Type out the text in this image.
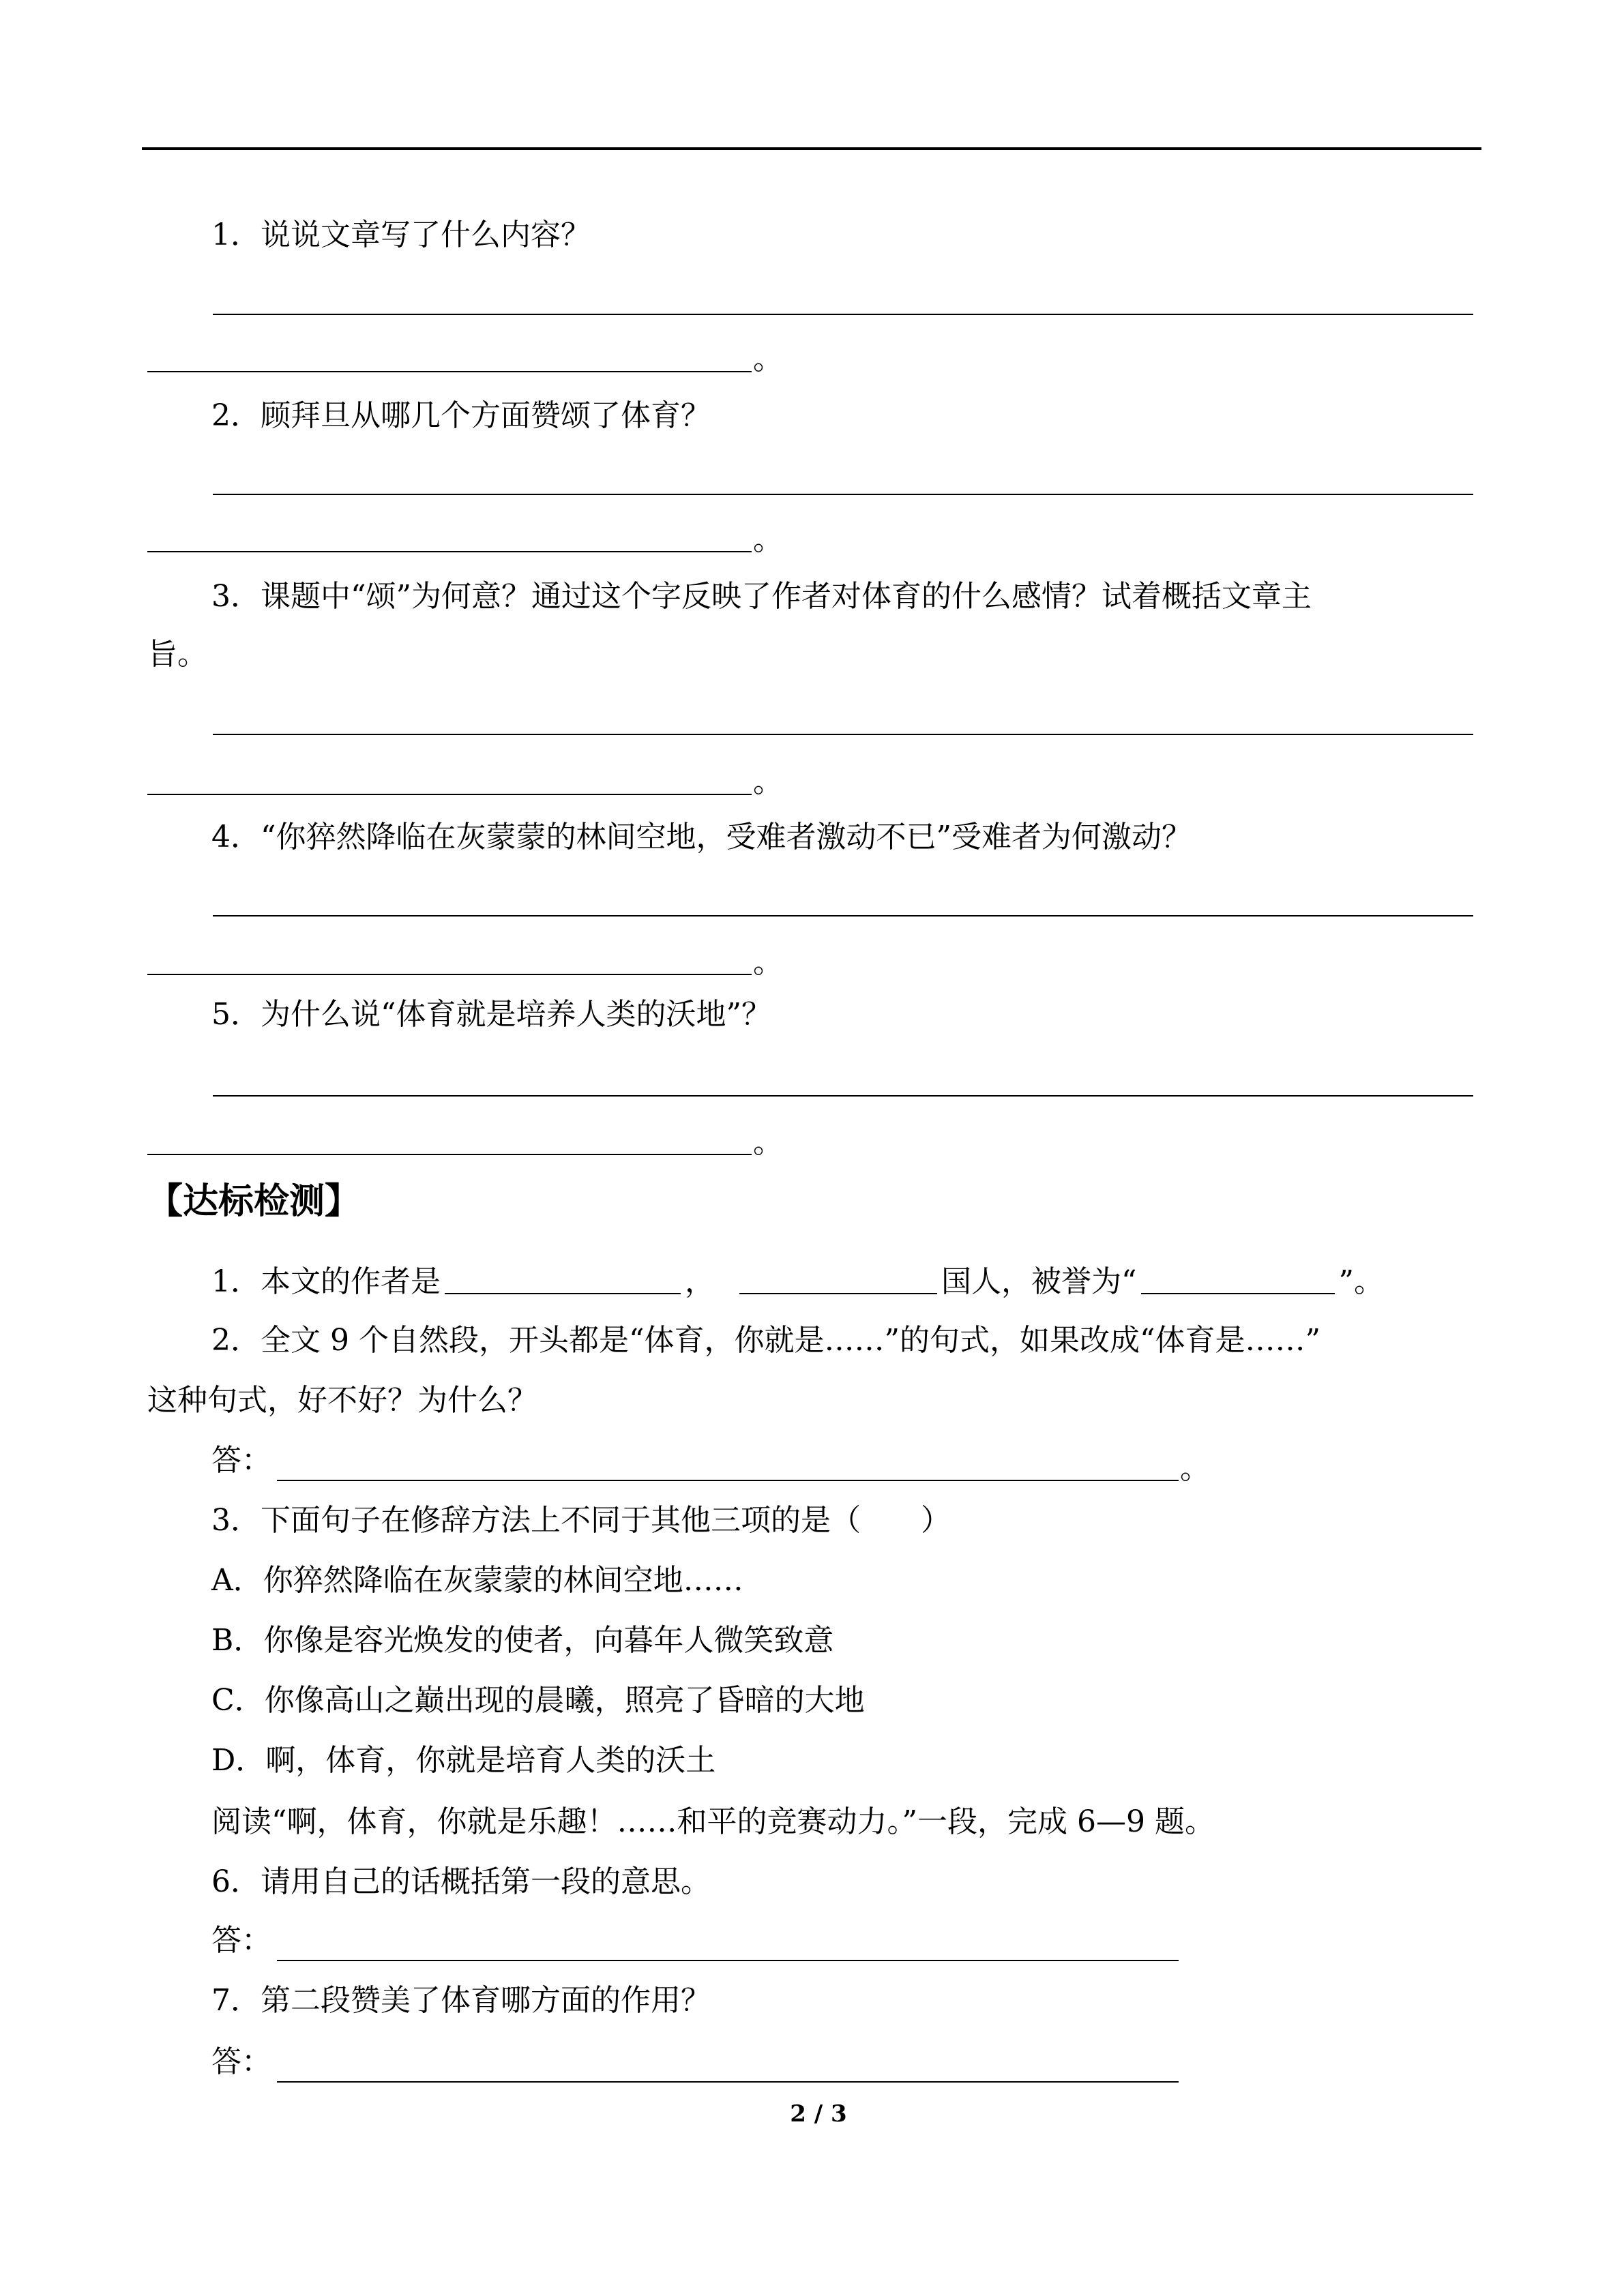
1．说说文章写了什么内容？
。
2．顾拜旦从哪几个方面赞颂了体育？
。
3．课题中“颂”为何意？通过这个字反映了作者对体育的什么感情？试着概括文章主
旨。
。
4．“你猝然降临在灰蒙蒙的林间空地，受难者激动不已”受难者为何激动？
。
5．为什么说“体育就是培养人类的沃地”？
。
【达标检测】
1．本文的作者是	，	国人，被誉为“	”。
2．全文 9 个自然段，开头都是“体育，你就是……”的句式，如果改成“体育是……”
这种句式，好不好？为什么？
答：	。
3．下面句子在修辞方法上不同于其他三项的是（　　）
A．你猝然降临在灰蒙蒙的林间空地……
B．你像是容光焕发的使者，向暮年人微笑致意
C．你像高山之巅出现的晨曦，照亮了昏暗的大地
D．啊，体育，你就是培育人类的沃土
阅读“啊，体育，你就是乐趣！……和平的竞赛动力。”一段，完成 6—9 题。
6．请用自己的话概括第一段的意思。
答：
7．第二段赞美了体育哪方面的作用？
答：
2 / 3
